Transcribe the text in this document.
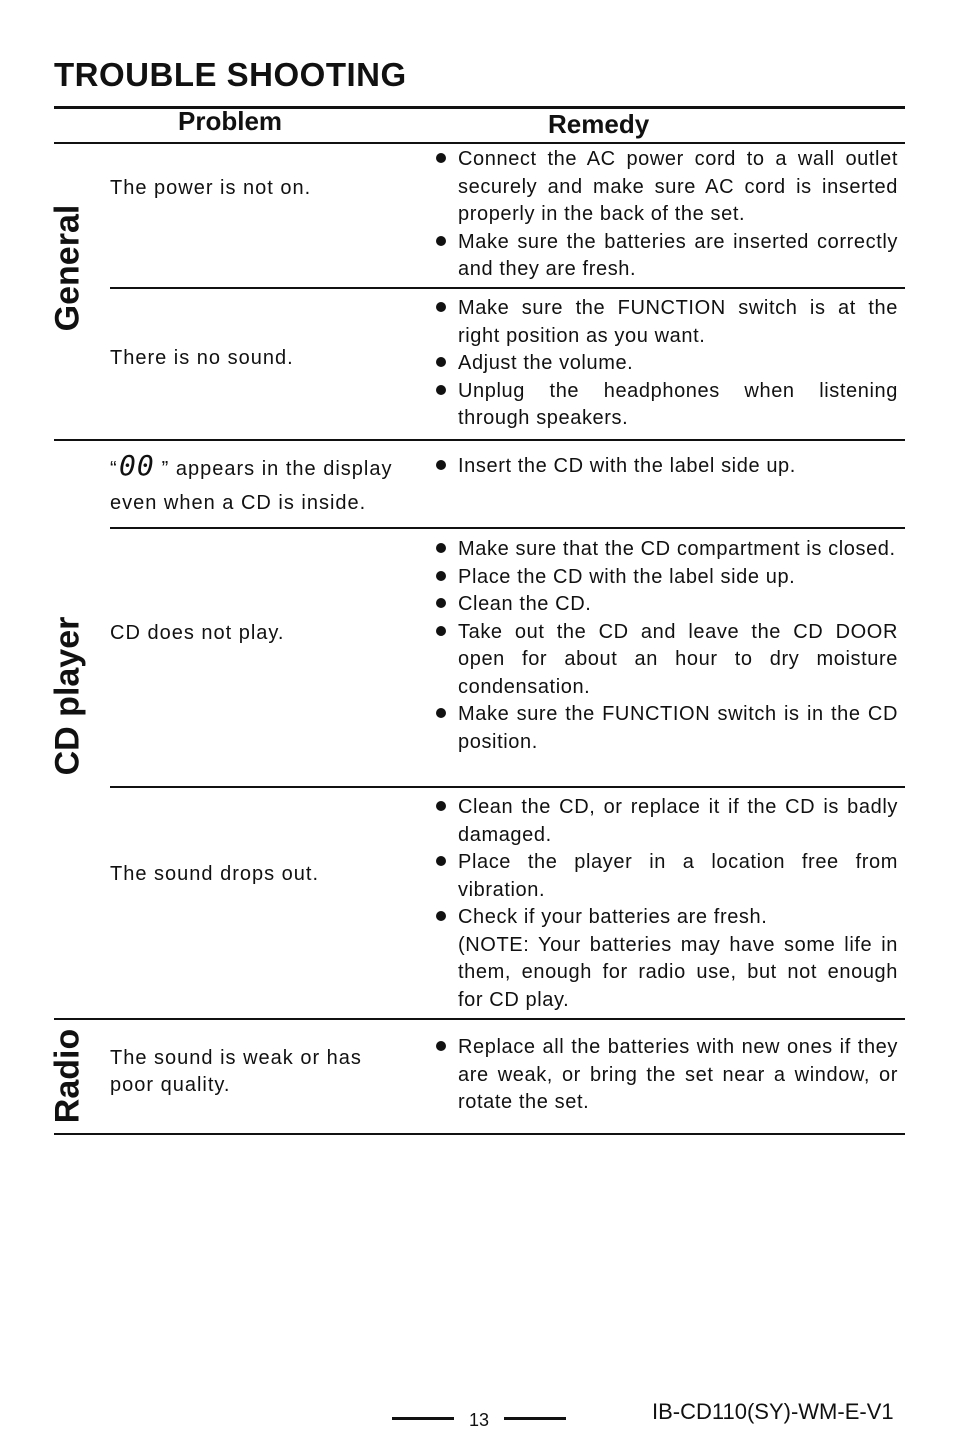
TROUBLE SHOOTING
Problem	Remedy
General
CD player
Radio
The power is not on.
Connect the AC power cord to a wall outlet securely and make sure AC cord is inserted properly in the back of the set.
Make sure the batteries are inserted correctly and they are fresh.
There is no sound.
Make sure the FUNCTION switch is at the right position as you want.
Adjust the volume.
Unplug the headphones when listening through speakers.
“ 00 ” appears in the display
even when a CD is inside.
Insert the CD with the label side up.
CD does not play.
Make sure that the CD compartment is closed.
Place the CD with the label side up.
Clean the CD.
Take out the CD and leave the CD DOOR open for about an hour to dry moisture condensation.
Make sure the FUNCTION switch is in the CD position.
The sound drops out.
Clean the CD, or replace it if the CD is badly damaged.
Place the player in a location free from vibration.
Check if your batteries are fresh.
(NOTE: Your batteries may have some life in them, enough for radio use, but not enough for CD play.
The sound is weak or has
poor quality.
Replace all the batteries with new ones if they are weak, or bring the set near a window, or rotate the set.
13	IB-CD110(SY)-WM-E-V1
